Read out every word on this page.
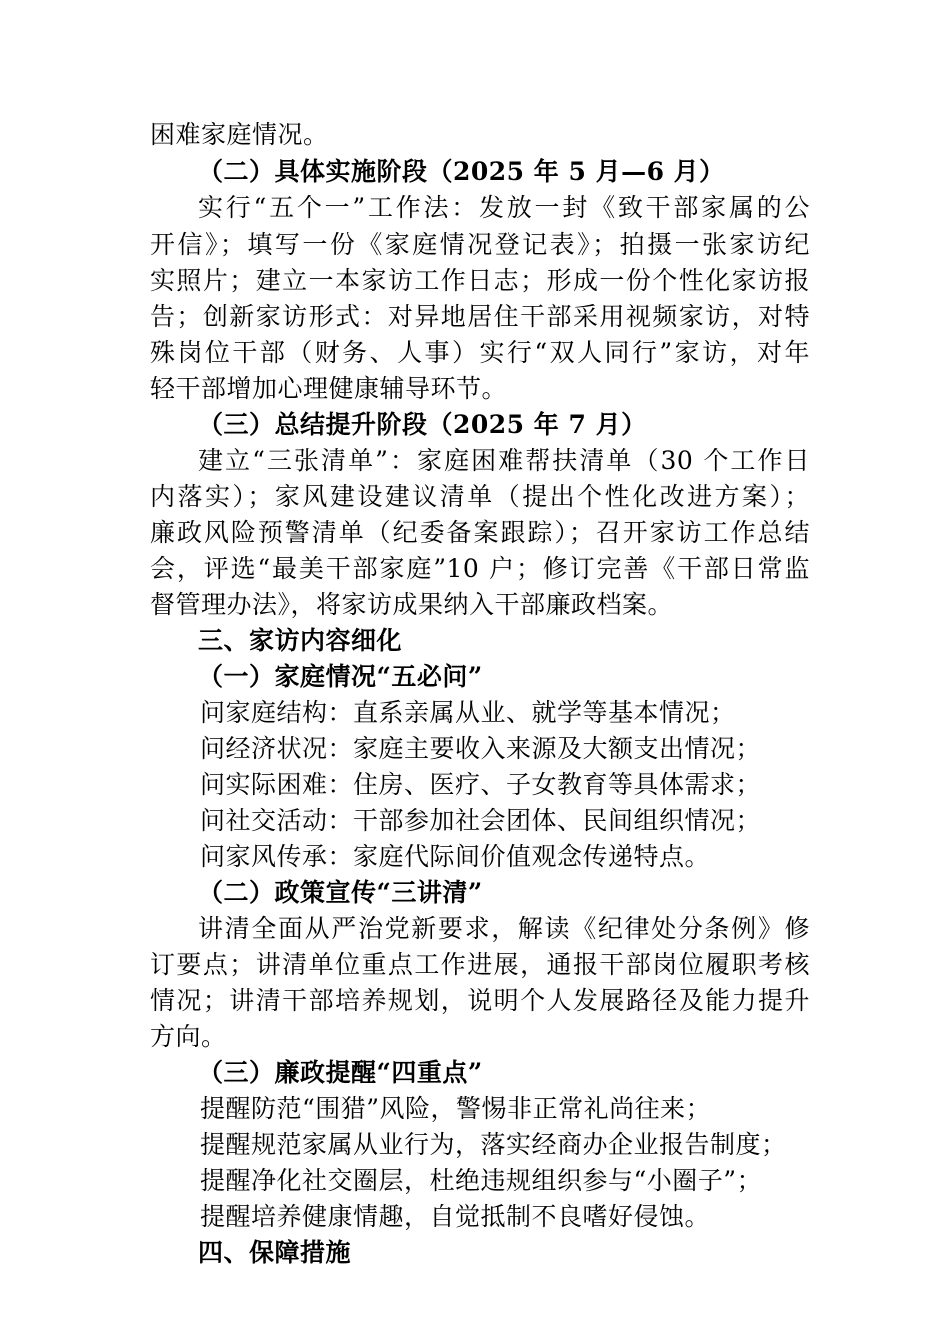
困难家庭情况。
（二）具体实施阶段（2025 年 5 月—6 月）
实行“五个一”工作法：发放一封《致干部家属的公
开信》；填写一份《家庭情况登记表》；拍摄一张家访纪
实照片；建立一本家访工作日志；形成一份个性化家访报
告；创新家访形式：对异地居住干部采用视频家访，对特
殊岗位干部（财务、人事）实行“双人同行”家访，对年
轻干部增加心理健康辅导环节。
（三）总结提升阶段（2025 年 7 月）
建立“三张清单”：家庭困难帮扶清单（30 个工作日
内落实）；家风建设建议清单（提出个性化改进方案）；
廉政风险预警清单（纪委备案跟踪）；召开家访工作总结
会，评选“最美干部家庭”10 户；修订完善《干部日常监
督管理办法》，将家访成果纳入干部廉政档案。
三、家访内容细化
（一）家庭情况“五必问”
问家庭结构：直系亲属从业、就学等基本情况；
问经济状况：家庭主要收入来源及大额支出情况；
问实际困难：住房、医疗、子女教育等具体需求；
问社交活动：干部参加社会团体、民间组织情况；
问家风传承：家庭代际间价值观念传递特点。
（二）政策宣传“三讲清”
讲清全面从严治党新要求，解读《纪律处分条例》修
订要点；讲清单位重点工作进展，通报干部岗位履职考核
情况；讲清干部培养规划，说明个人发展路径及能力提升
方向。
（三）廉政提醒“四重点”
提醒防范“围猎”风险，警惕非正常礼尚往来；
提醒规范家属从业行为，落实经商办企业报告制度；
提醒净化社交圈层，杜绝违规组织参与“小圈子”；
提醒培养健康情趣，自觉抵制不良嗜好侵蚀。
四、保障措施
